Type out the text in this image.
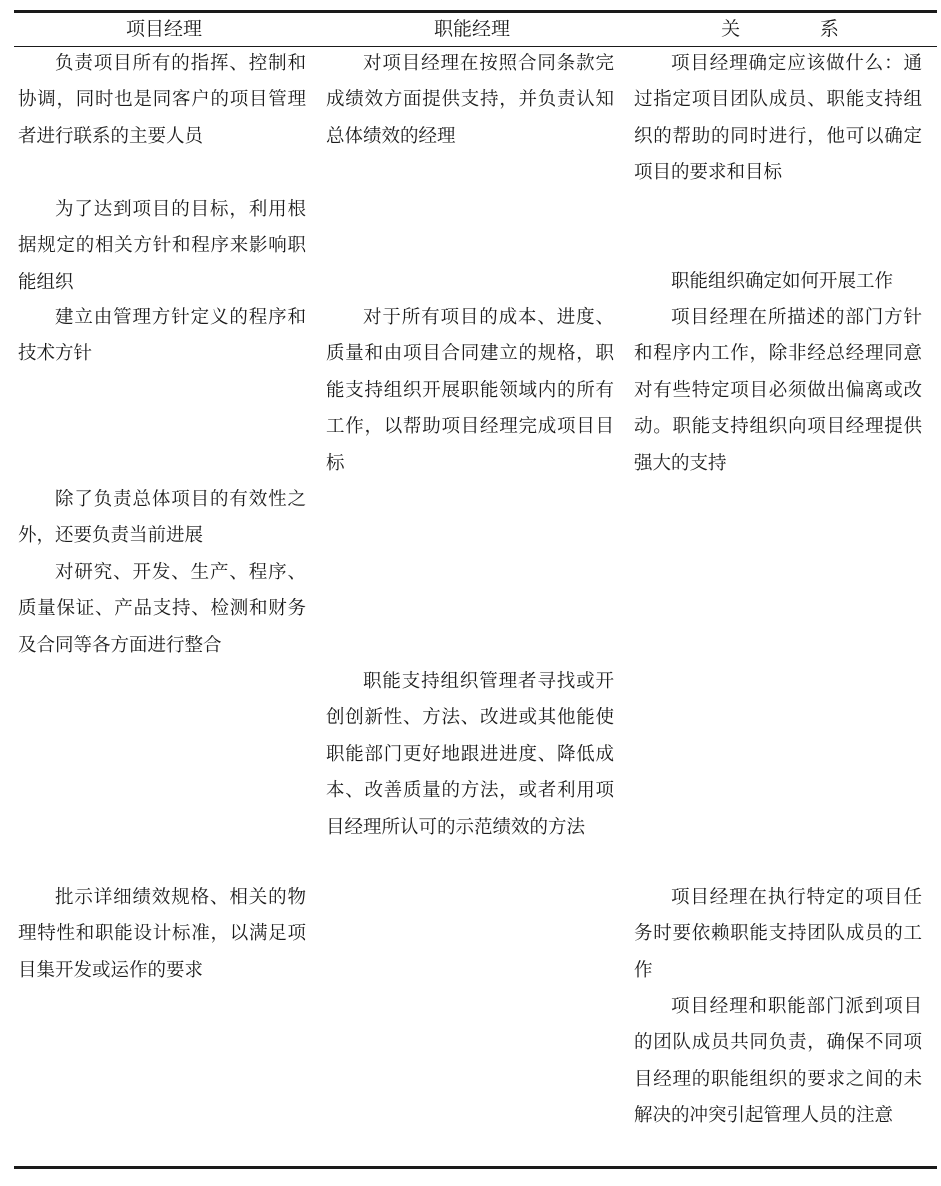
项目经理	职能经理	关　系
负责项目所有的指挥、控制和协调，同时也是同客户的项目管理者进行联系的主要人员
为了达到项目的目标，利用根据规定的相关方针和程序来影响职能组织
建立由管理方针定义的程序和技术方针
除了负责总体项目的有效性之外，还要负责当前进展
对研究、开发、生产、程序、质量保证、产品支持、检测和财务及合同等各方面进行整合
批示详细绩效规格、相关的物理特性和职能设计标准，以满足项目集开发或运作的要求
对项目经理在按照合同条款完成绩效方面提供支持，并负责认知总体绩效的经理
对于所有项目的成本、进度、质量和由项目合同建立的规格，职能支持组织开展职能领域内的所有工作，以帮助项目经理完成项目目标
职能支持组织管理者寻找或开创创新性、方法、改进或其他能使职能部门更好地跟进进度、降低成本、改善质量的方法，或者利用项目经理所认可的示范绩效的方法
项目经理确定应该做什么：通过指定项目团队成员、职能支持组织的帮助的同时进行，他可以确定项目的要求和目标
职能组织确定如何开展工作
项目经理在所描述的部门方针和程序内工作，除非经总经理同意对有些特定项目必须做出偏离或改动。职能支持组织向项目经理提供强大的支持
项目经理在执行特定的项目任务时要依赖职能支持团队成员的工作
项目经理和职能部门派到项目的团队成员共同负责，确保不同项目经理的职能组织的要求之间的未解决的冲突引起管理人员的注意
